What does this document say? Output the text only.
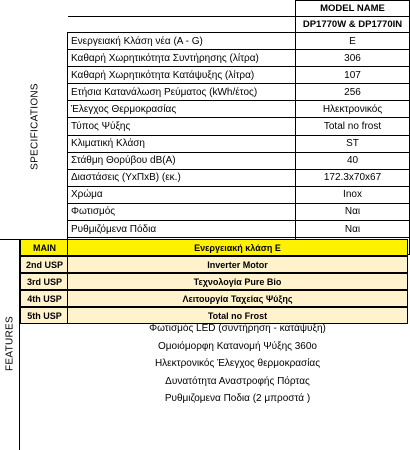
SPECIFICATIONS
	MODEL NAME
	DP1770W & DP1770IN
Ενεργειακή Κλάση νέα (A - G)	E
Καθαρή Χωρητικότητα Συντήρησης (λίτρα)	306
Καθαρή Χωρητικότητα Κατάψυξης (λίτρα)	107
Ετήσια Κατανάλωση Ρεύματος (kWh/έτος)	256
Έλεγχος Θερμοκρασίας	Ηλεκτρονικός
Τύπος Ψύξης	Total no frost
Κλιματική Κλάση	ST
Στάθμη Θορύβου dB(A)	40
Διαστάσεις (ΥxΠxΒ) (εκ.)	172.3x70x67
Χρώμα	Inox
Φωτισμός	Ναι
Ρυθμιζόμενα Πόδια	Ναι

FEATURES
MAIN	Ενεργειακή κλάση E
2nd USP	Inverter Motor
3rd USP	Τεχνολογία Pure Bio
4th USP	Λειτουργία Ταχείας Ψύξης
5th USP	Total no Frost
Φωτισμός LED (συντήρηση - κατάψυξη)
Ομοιόμορφη Κατανομή Ψύξης 360ο
Ηλεκτρονικός Έλεγχος θερμοκρασίας
Δυνατότητα Αναστροφής Πόρτας
Ρυθμιζομενα Ποδια (2 μπροστά )
